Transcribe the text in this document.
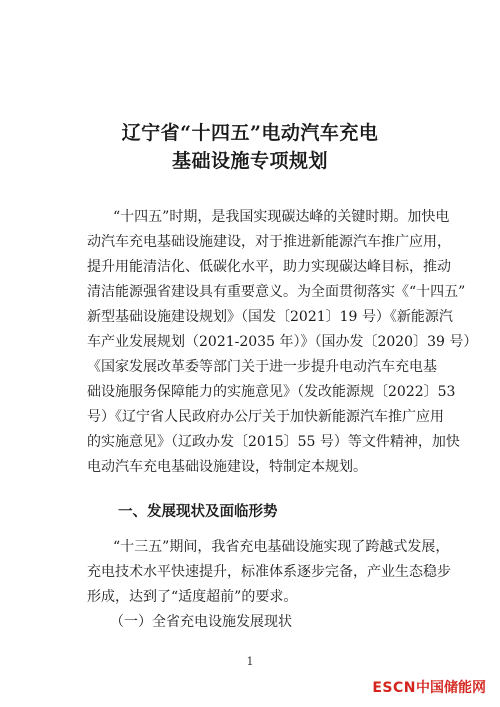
辽宁省“十四五”电动汽车充电
基础设施专项规划
“十四五”时期，是我国实现碳达峰的关键时期。加快电
动汽车充电基础设施建设，对于推进新能源汽车推广应用，
提升用能清洁化、低碳化水平，助力实现碳达峰目标，推动
清洁能源强省建设具有重要意义。为全面贯彻落实《“十四五”
新型基础设施建设规划》（国发〔2021〕19 号）《新能源汽
车产业发展规划（2021-2035 年）》（国办发〔2020〕39 号）
《国家发展改革委等部门关于进一步提升电动汽车充电基
础设施服务保障能力的实施意见》（发改能源规〔2022〕53
号）《辽宁省人民政府办公厅关于加快新能源汽车推广应用
的实施意见》（辽政办发〔2015〕55 号）等文件精神，加快
电动汽车充电基础设施建设，特制定本规划。
一、发展现状及面临形势
“十三五”期间，我省充电基础设施实现了跨越式发展，
充电技术水平快速提升，标准体系逐步完备，产业生态稳步
形成，达到了“适度超前”的要求。
（一）全省充电设施发展现状
1
ESCN中国储能网
